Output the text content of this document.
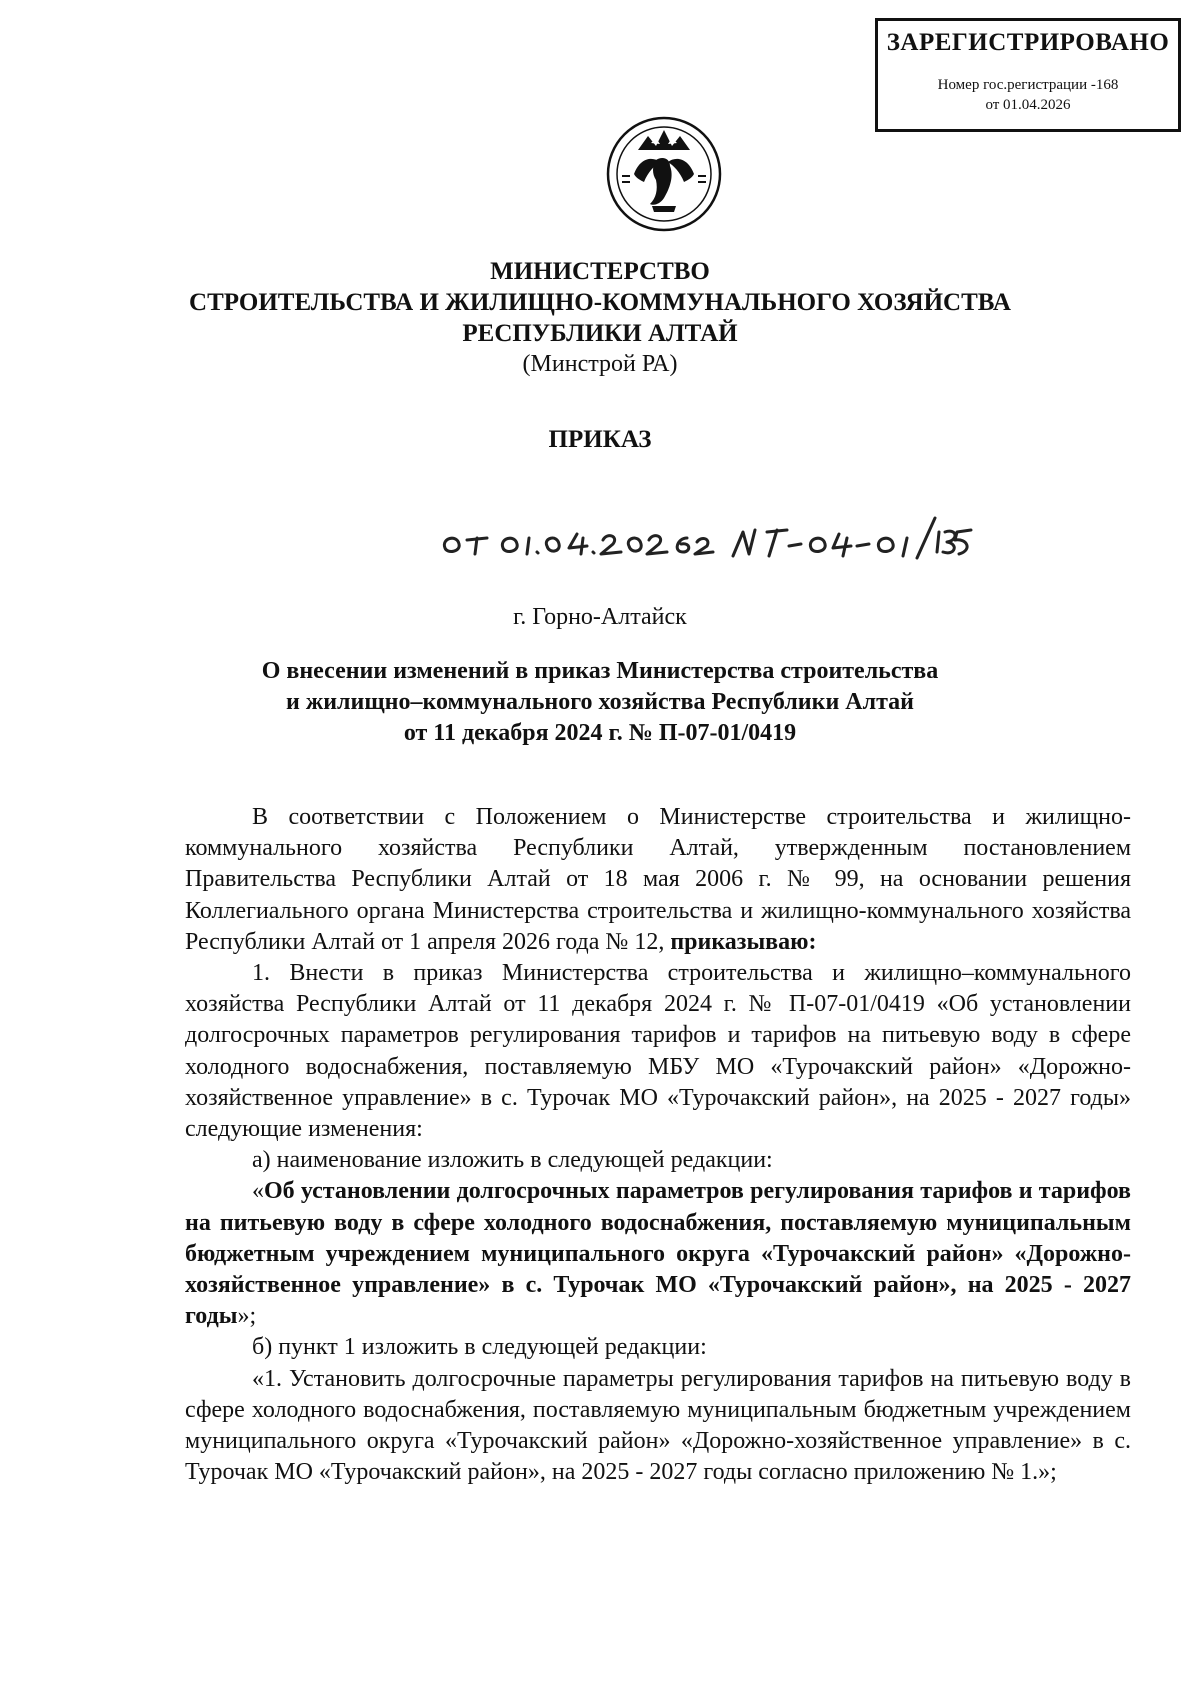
ЗАРЕГИСТРИРОВАНО
Номер гос.регистрации -168
от 01.04.2026
МИНИСТЕРСТВО
СТРОИТЕЛЬСТВА И ЖИЛИЩНО-КОММУНАЛЬНОГО ХОЗЯЙСТВА
РЕСПУБЛИКИ АЛТАЙ
(Минстрой РА)
ПРИКАЗ
г. Горно-Алтайск
О внесении изменений в приказ Министерства строительства
и жилищно–коммунального хозяйства Республики Алтай
от 11 декабря 2024 г. № П-07-01/0419

В соответствии с Положением о Министерстве строительства и жилищно-коммунального хозяйства Республики Алтай, утвержденным постановлением Правительства Республики Алтай от 18 мая 2006 г. № 99, на основании решения Коллегиального органа Министерства строительства и жилищно-коммунального хозяйства Республики Алтай от 1 апреля 2026 года № 12, приказываю:

1. Внести в приказ Министерства строительства и жилищно–коммунального хозяйства Республики Алтай от 11 декабря 2024 г. № П-07-01/0419 «Об установлении долгосрочных параметров регулирования тарифов и тарифов на питьевую воду в сфере холодного водоснабжения, поставляемую МБУ МО «Турочакский район» «Дорожно-хозяйственное управление» в с. Турочак МО «Турочакский район», на 2025 - 2027 годы» следующие изменения:

а) наименование изложить в следующей редакции:

«Об установлении долгосрочных параметров регулирования тарифов и тарифов на питьевую воду в сфере холодного водоснабжения, поставляемую муниципальным бюджетным учреждением муниципального округа «Турочакский район» «Дорожно-хозяйственное управление» в с. Турочак МО «Турочакский район», на 2025 - 2027 годы»;

б) пункт 1 изложить в следующей редакции:

«1. Установить долгосрочные параметры регулирования тарифов на питьевую воду в сфере холодного водоснабжения, поставляемую муниципальным бюджетным учреждением муниципального округа «Турочакский район» «Дорожно-хозяйственное управление» в с. Турочак МО «Турочакский район», на 2025 - 2027 годы согласно приложению № 1.»;
